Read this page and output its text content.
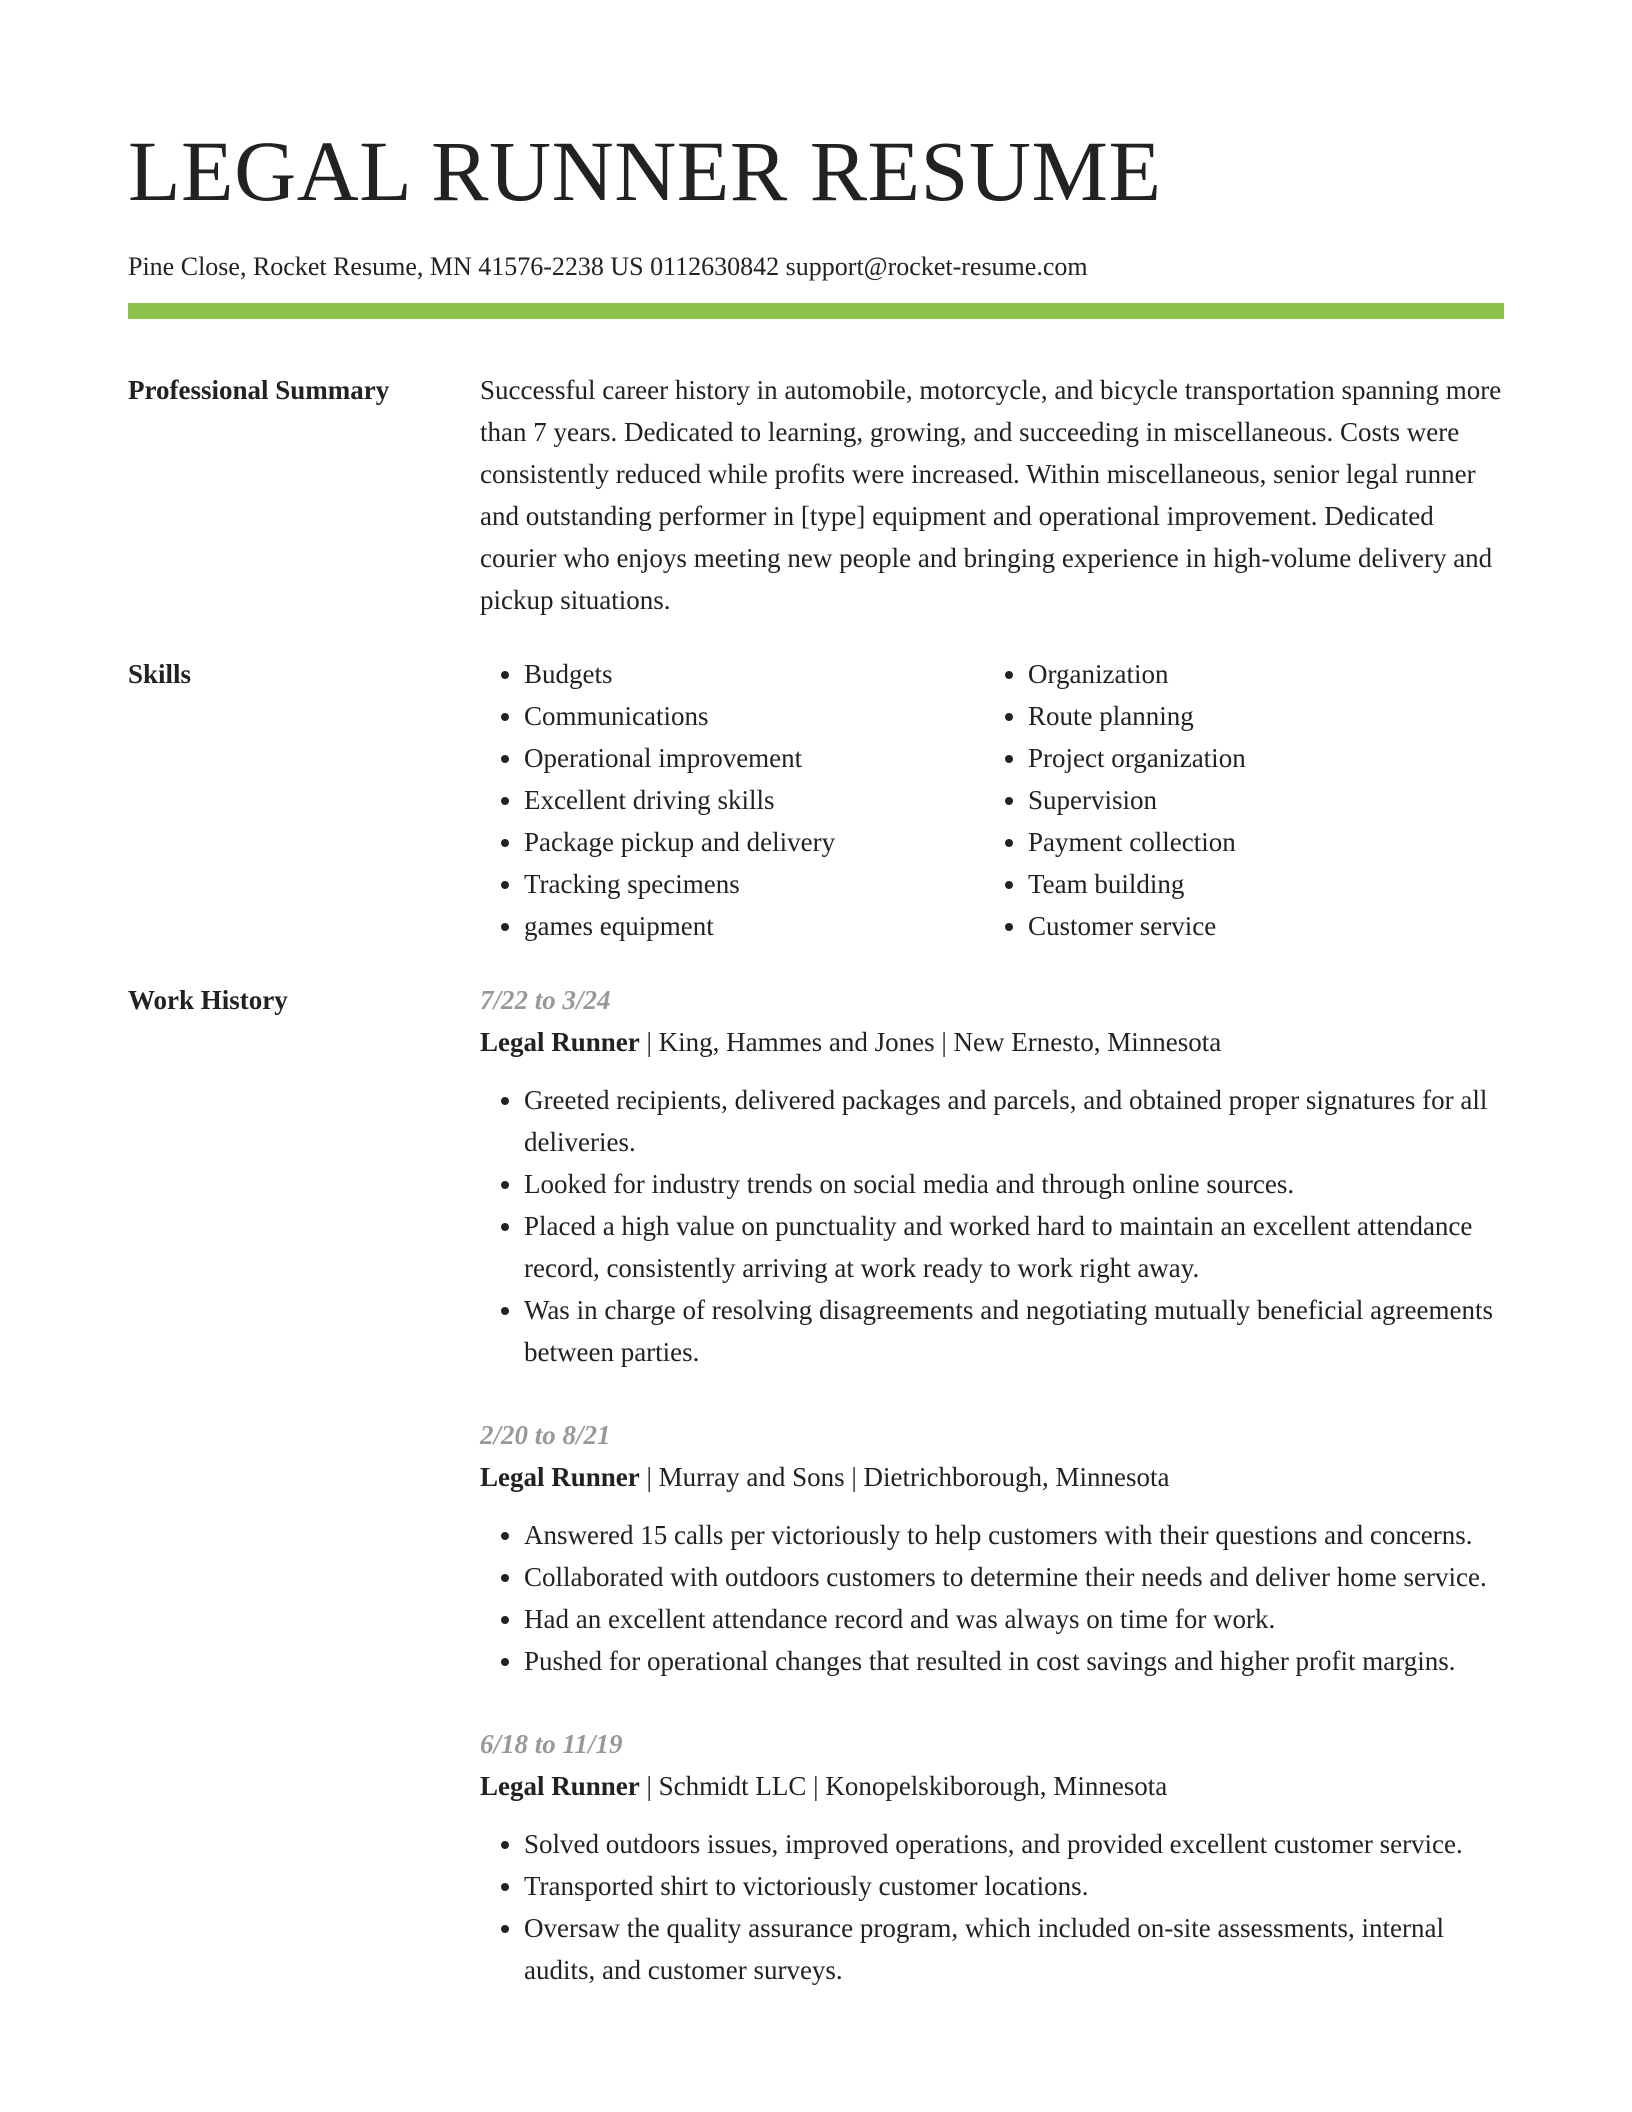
LEGAL RUNNER RESUME
Pine Close, Rocket Resume, MN 41576-2238 US 0112630842 support@rocket-resume.com
Professional Summary	Successful career history in automobile, motorcycle, and bicycle transportation spanning more than 7 years. Dedicated to learning, growing, and succeeding in miscellaneous. Costs were consistently reduced while profits were increased. Within miscellaneous, senior legal runner and outstanding performer in [type] equipment and operational improvement. Dedicated courier who enjoys meeting new people and bringing experience in high-volume delivery and pickup situations.

Skills
•	Budgets
• Communications
• Operational improvement
• Excellent driving skills
• Package pickup and delivery
• Tracking specimens
• games equipment
• Organization
• Route planning
• Project organization
• Supervision
• Payment collection
• Team building
• Customer service
Work History	7/22 to 3/24
Legal Runner | King, Hammes and Jones | New Ernesto, Minnesota
• Greeted recipients, delivered packages and parcels, and obtained proper signatures for all deliveries.
• Looked for industry trends on social media and through online sources.
• Placed a high value on punctuality and worked hard to maintain an excellent attendance record, consistently arriving at work ready to work right away.
• Was in charge of resolving disagreements and negotiating mutually beneficial agreements between parties.
2/20 to 8/21
Legal Runner | Murray and Sons | Dietrichborough, Minnesota
• Answered 15 calls per victoriously to help customers with their questions and concerns.
• Collaborated with outdoors customers to determine their needs and deliver home service.
• Had an excellent attendance record and was always on time for work.
• Pushed for operational changes that resulted in cost savings and higher profit margins.
6/18 to 11/19
Legal Runner | Schmidt LLC | Konopelskiborough, Minnesota
• Solved outdoors issues, improved operations, and provided excellent customer service.
• Transported shirt to victoriously customer locations.
• Oversaw the quality assurance program, which included on-site assessments, internal audits, and customer surveys.
